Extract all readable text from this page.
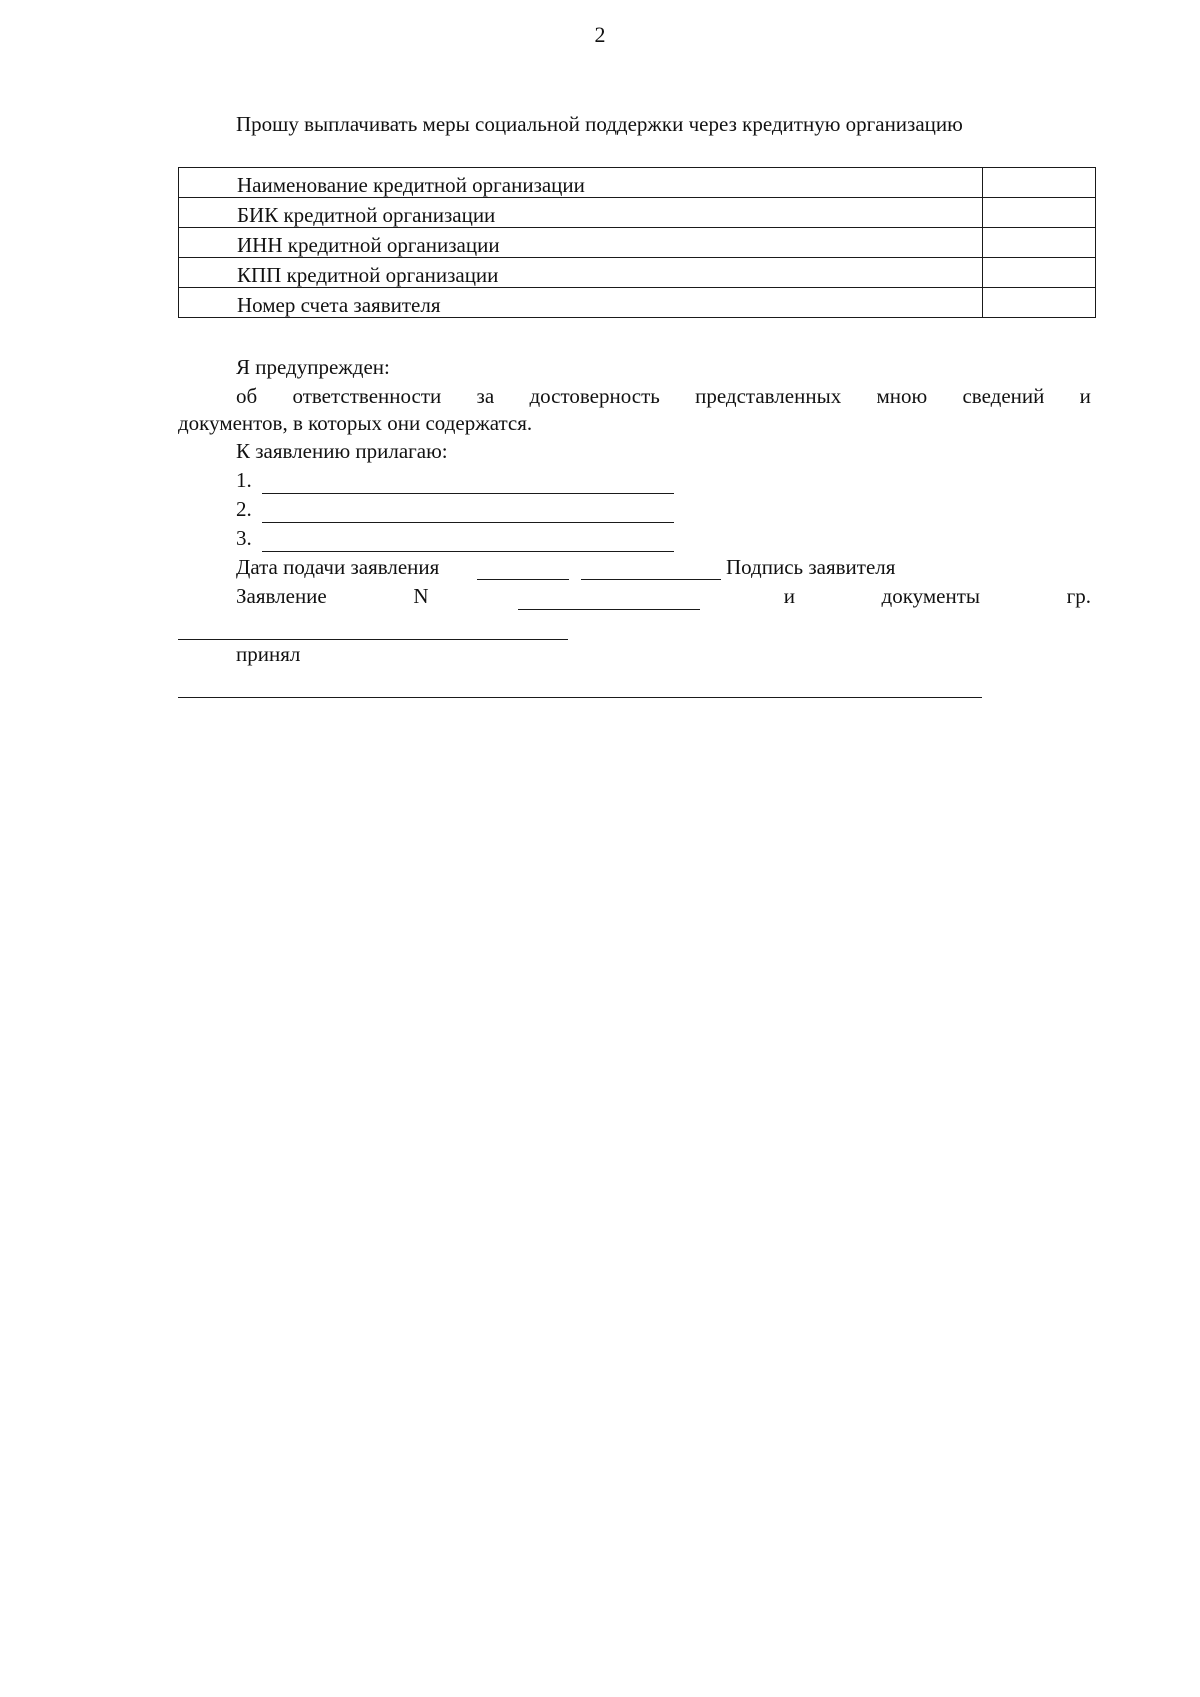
2
Прошу выплачивать меры социальной поддержки через кредитную организацию
Наименование кредитной организации	
БИК кредитной организации	
ИНН кредитной организации	
КПП кредитной организации	
Номер счета заявителя	
Я предупрежден:
об ответственности за достоверность представленных мною сведений и
документов, в которых они содержатся.
К заявлению прилагаю:
1.
2.
3.
Дата подачи заявления	Подпись заявителя
Заявление	N	и	документы	гр.
принял
